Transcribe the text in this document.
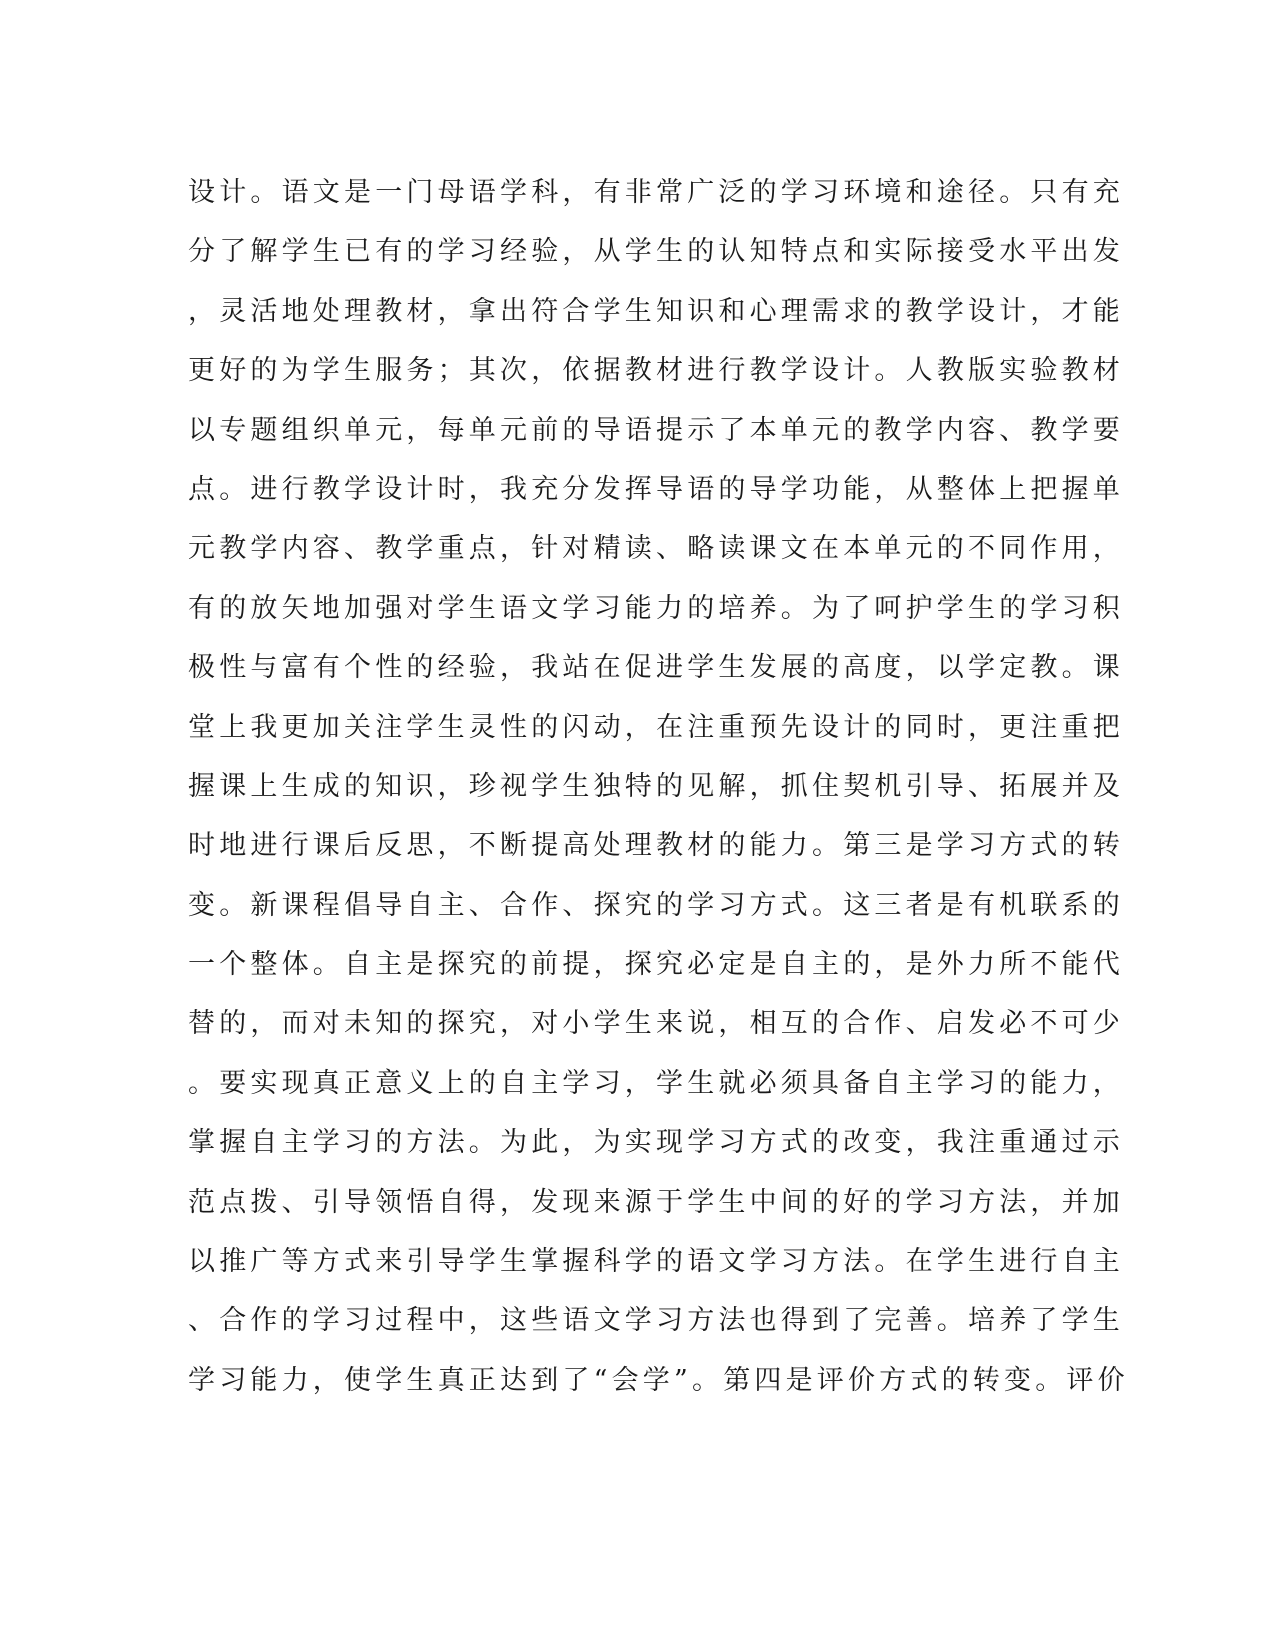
设计。语文是一门母语学科，有非常广泛的学习环境和途径。只有充
分了解学生已有的学习经验，从学生的认知特点和实际接受水平出发
，灵活地处理教材，拿出符合学生知识和心理需求的教学设计，才能
更好的为学生服务；其次，依据教材进行教学设计。人教版实验教材
以专题组织单元，每单元前的导语提示了本单元的教学内容、教学要
点。进行教学设计时，我充分发挥导语的导学功能，从整体上把握单
元教学内容、教学重点，针对精读、略读课文在本单元的不同作用，
有的放矢地加强对学生语文学习能力的培养。为了呵护学生的学习积
极性与富有个性的经验，我站在促进学生发展的高度，以学定教。课
堂上我更加关注学生灵性的闪动，在注重预先设计的同时，更注重把
握课上生成的知识，珍视学生独特的见解，抓住契机引导、拓展并及
时地进行课后反思，不断提高处理教材的能力。第三是学习方式的转
变。新课程倡导自主、合作、探究的学习方式。这三者是有机联系的
一个整体。自主是探究的前提，探究必定是自主的，是外力所不能代
替的，而对未知的探究，对小学生来说，相互的合作、启发必不可少
。要实现真正意义上的自主学习，学生就必须具备自主学习的能力，
掌握自主学习的方法。为此，为实现学习方式的改变，我注重通过示
范点拨、引导领悟自得，发现来源于学生中间的好的学习方法，并加
以推广等方式来引导学生掌握科学的语文学习方法。在学生进行自主
、合作的学习过程中，这些语文学习方法也得到了完善。培养了学生
学习能力，使学生真正达到了“会学”。第四是评价方式的转变。评价
